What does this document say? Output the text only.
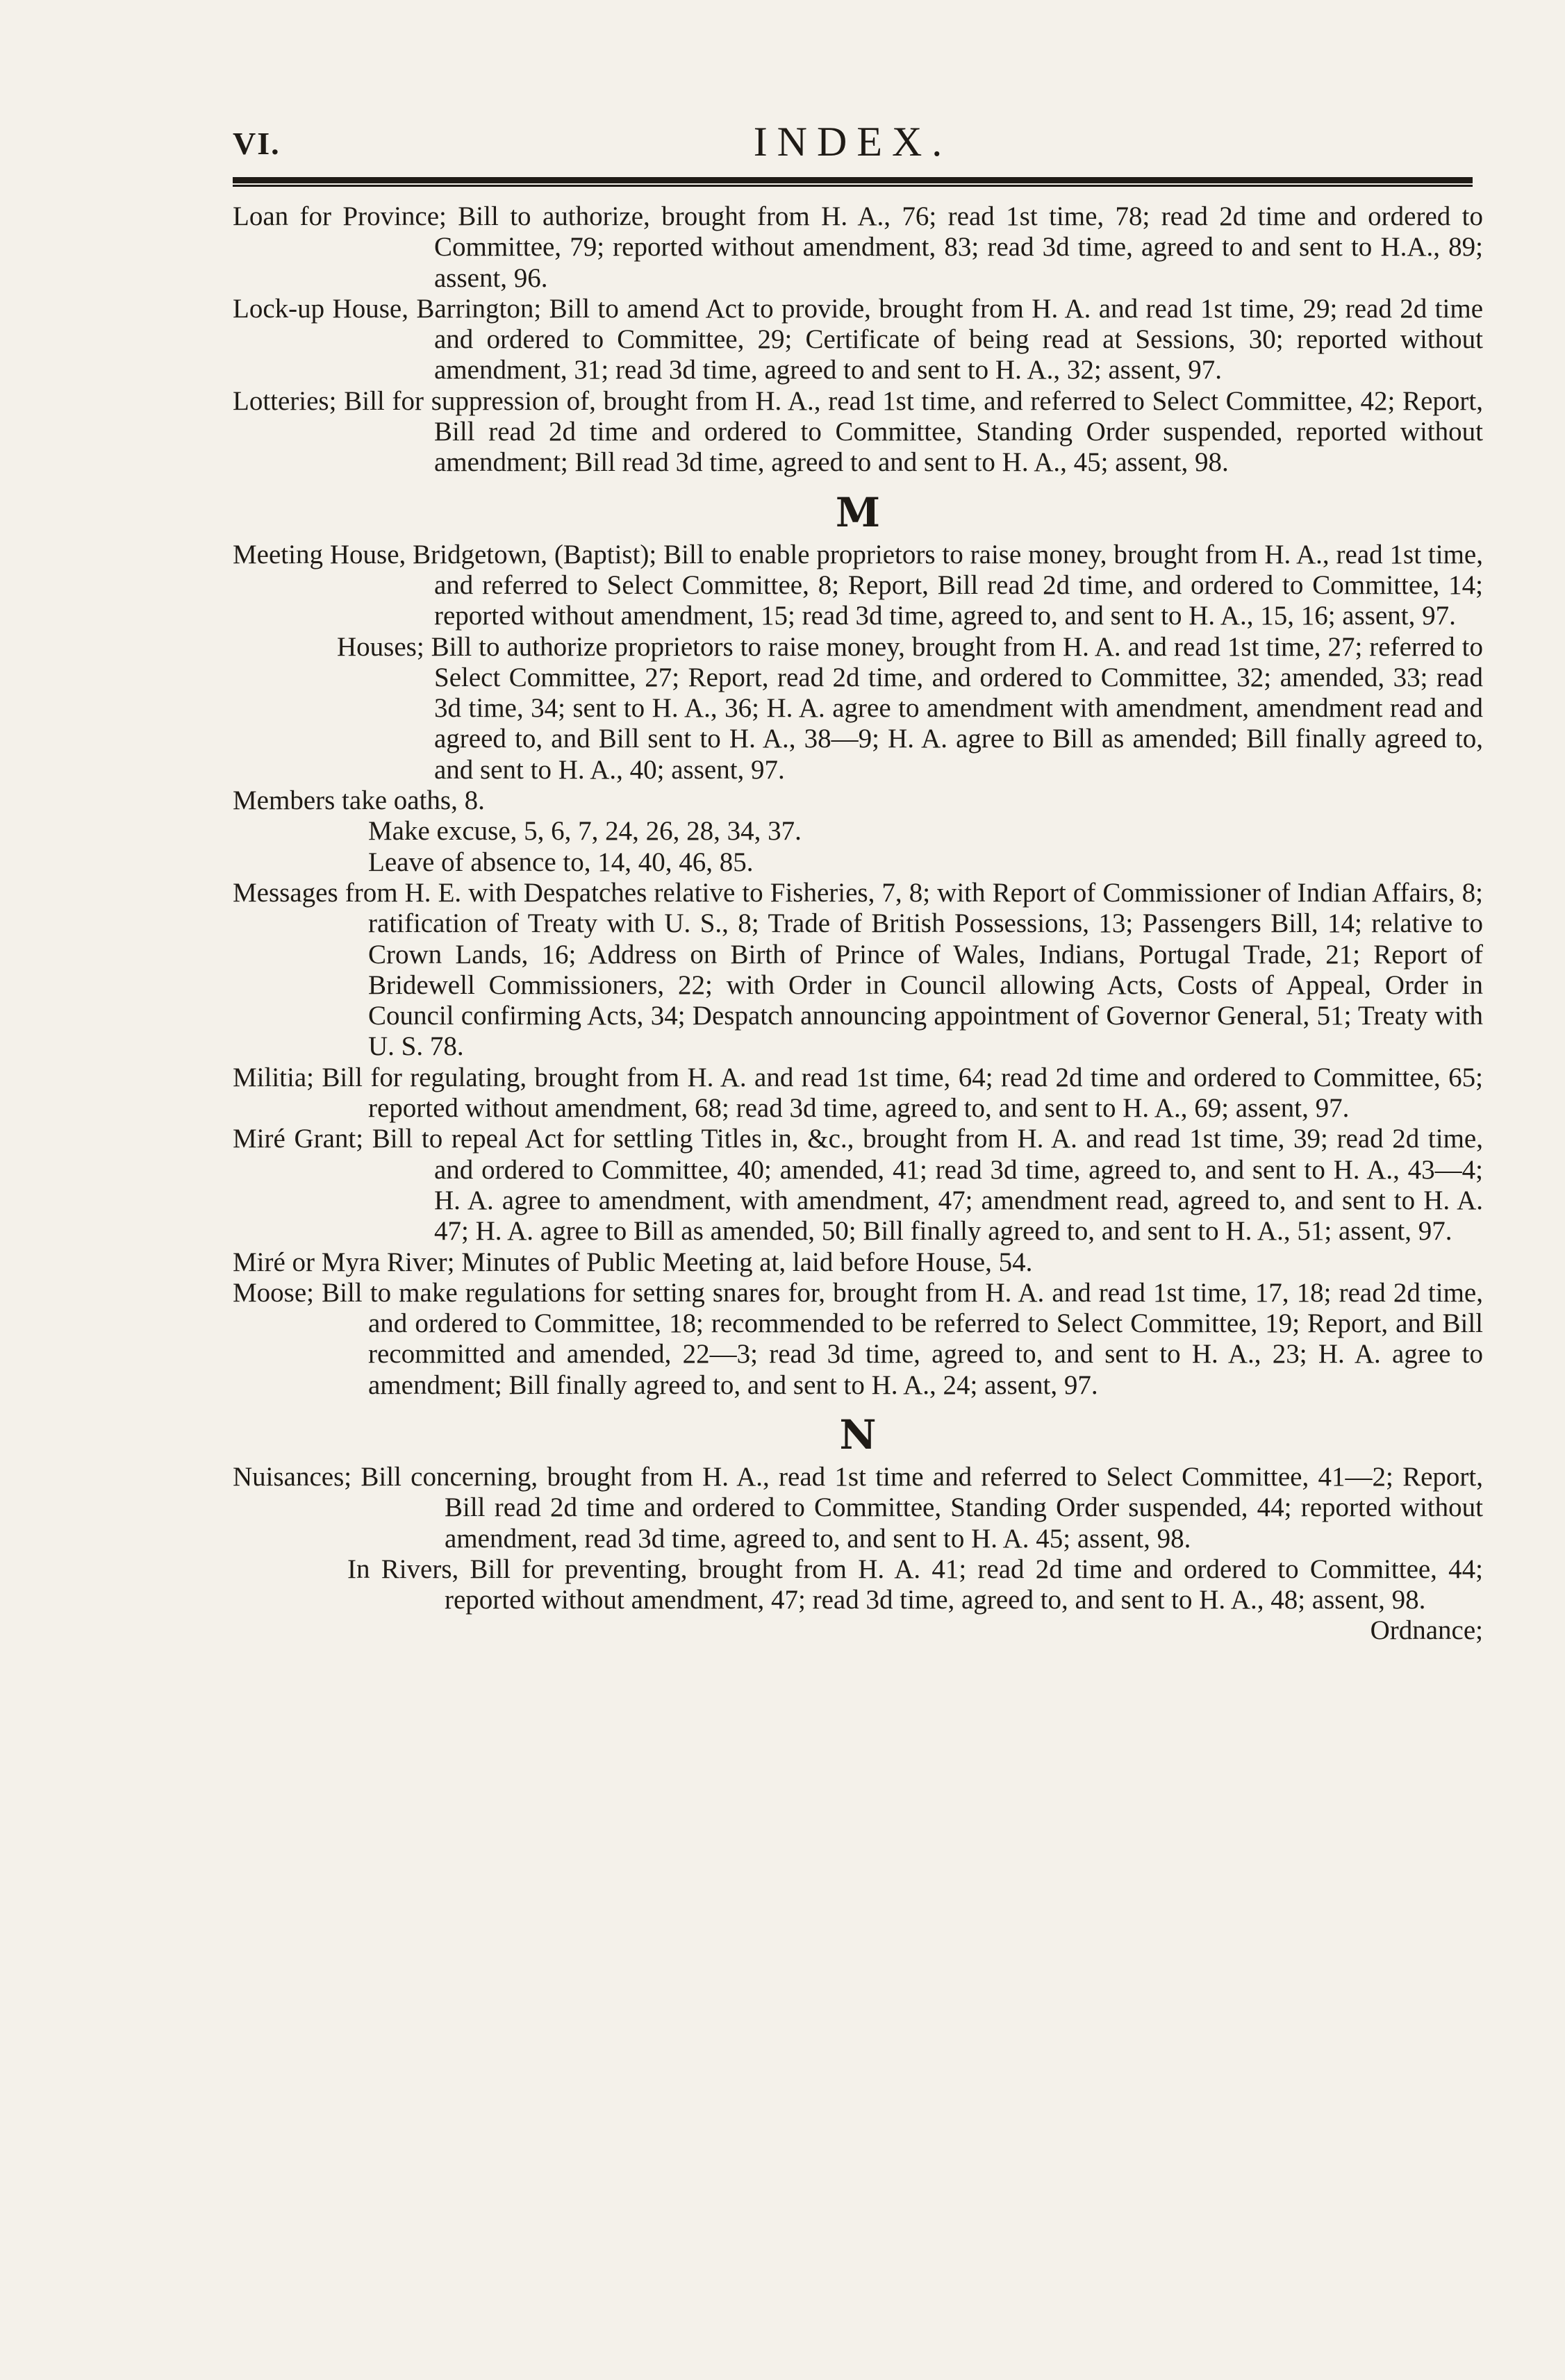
VI.	INDEX.

Loan for Province; Bill to authorize, brought from H. A., 76; read 1st time, 78; read 2d time and ordered to Committee, 79; reported without amendment, 83; read 3d time, agreed to and sent to H.A., 89; assent, 96.

Lock-up House, Barrington; Bill to amend Act to provide, brought from H. A. and read 1st time, 29; read 2d time and ordered to Committee, 29; Certificate of being read at Sessions, 30; reported without amendment, 31; read 3d time, agreed to and sent to H. A., 32; assent, 97.

Lotteries; Bill for suppression of, brought from H. A., read 1st time, and referred to Select Committee, 42; Report, Bill read 2d time and ordered to Committee, Standing Order suspended, reported without amendment; Bill read 3d time, agreed to and sent to H. A., 45; assent, 98.

M

Meeting House, Bridgetown, (Baptist); Bill to enable proprietors to raise money, brought from H. A., read 1st time, and referred to Select Committee, 8; Report, Bill read 2d time, and ordered to Committee, 14; reported without amendment, 15; read 3d time, agreed to, and sent to H. A., 15, 16; assent, 97.

Houses; Bill to authorize proprietors to raise money, brought from H. A. and read 1st time, 27; referred to Select Committee, 27; Report, read 2d time, and ordered to Committee, 32; amended, 33; read 3d time, 34; sent to H. A., 36; H. A. agree to amendment with amendment, amendment read and agreed to, and Bill sent to H. A., 38—9; H. A. agree to Bill as amended; Bill finally agreed to, and sent to H. A., 40; assent, 97.

Members take oaths, 8.

Make excuse, 5, 6, 7, 24, 26, 28, 34, 37.

Leave of absence to, 14, 40, 46, 85.

Messages from H. E. with Despatches relative to Fisheries, 7, 8; with Report of Commissioner of Indian Affairs, 8; ratification of Treaty with U. S., 8; Trade of British Possessions, 13; Passengers Bill, 14; relative to Crown Lands, 16; Address on Birth of Prince of Wales, Indians, Portugal Trade, 21; Report of Bridewell Commissioners, 22; with Order in Council allowing Acts, Costs of Appeal, Order in Council confirming Acts, 34; Despatch announcing appointment of Governor General, 51; Treaty with U. S. 78.

Militia; Bill for regulating, brought from H. A. and read 1st time, 64; read 2d time and ordered to Committee, 65; reported without amendment, 68; read 3d time, agreed to, and sent to H. A., 69; assent, 97.

Miré Grant; Bill to repeal Act for settling Titles in, &c., brought from H. A. and read 1st time, 39; read 2d time, and ordered to Committee, 40; amended, 41; read 3d time, agreed to, and sent to H. A., 43—4; H. A. agree to amendment, with amendment, 47; amendment read, agreed to, and sent to H. A. 47; H. A. agree to Bill as amended, 50; Bill finally agreed to, and sent to H. A., 51; assent, 97.

Miré or Myra River; Minutes of Public Meeting at, laid before House, 54.

Moose; Bill to make regulations for setting snares for, brought from H. A. and read 1st time, 17, 18; read 2d time, and ordered to Committee, 18; recommended to be referred to Select Committee, 19; Report, and Bill recommitted and amended, 22—3; read 3d time, agreed to, and sent to H. A., 23; H. A. agree to amendment; Bill finally agreed to, and sent to H. A., 24; assent, 97.

N

Nuisances; Bill concerning, brought from H. A., read 1st time and referred to Select Committee, 41—2; Report, Bill read 2d time and ordered to Committee, Standing Order suspended, 44; reported without amendment, read 3d time, agreed to, and sent to H. A. 45; assent, 98.

In Rivers, Bill for preventing, brought from H. A. 41; read 2d time and ordered to Committee, 44; reported without amendment, 47; read 3d time, agreed to, and sent to H. A., 48; assent, 98.

Ordnance;
